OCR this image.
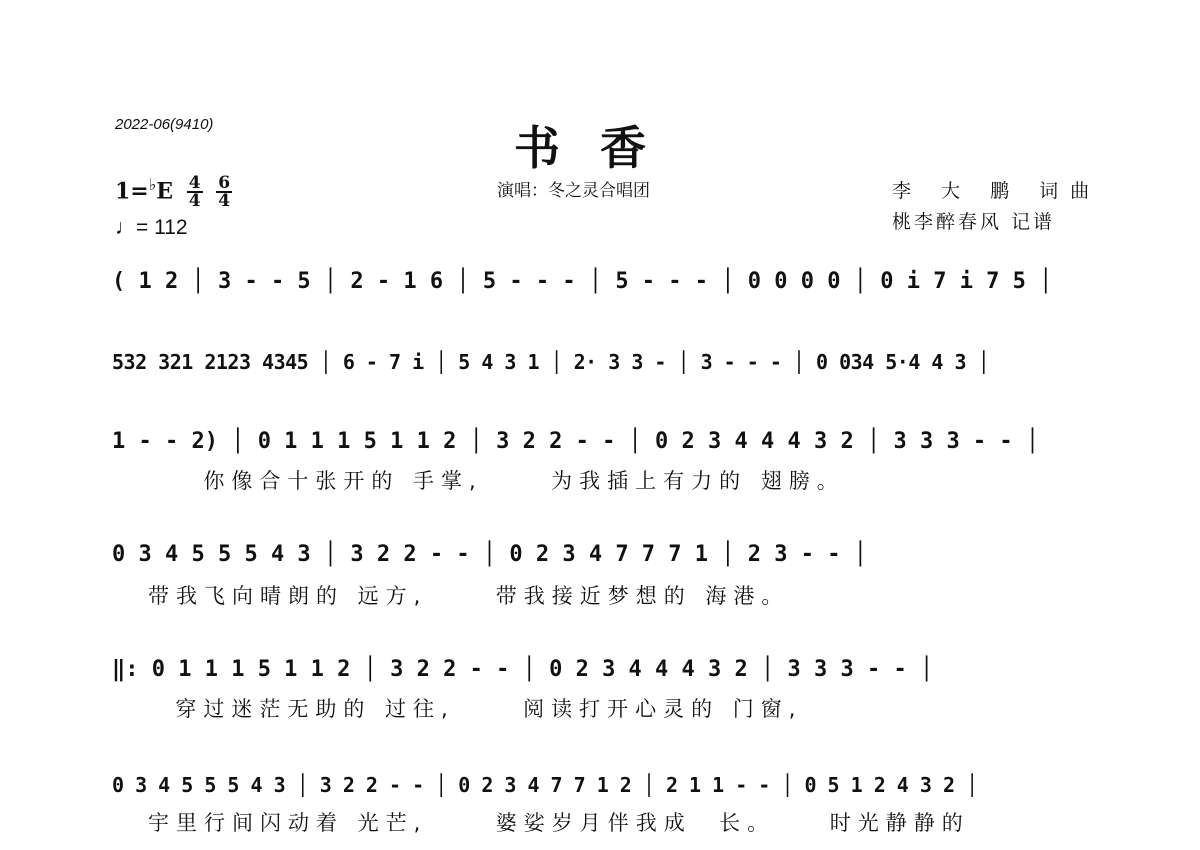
2022-06(9410)	书香
演唱：冬之灵合唱团
$1=^♭E \frac{4}{4}$
$\frac{6}{4}$
♩= 112
李 大 鹏 词曲
桃李醉春风 记谱
( 1 2 │ 3 - - 5 │ 2 - 1 6 │ 5 - - - │ 5 - - - │ 0 0 0 0 │ 0 i 7 i 7 5 │
532 321 2123 4345 │ 6 - 7 i │ 5 4 3 1 │ 2· 3 3 - │ 3 - - - │ 0 034 5·4 4 3 │
1 - - 2) │ 0 1 1 1 5 1 1 2 │ 3 2 2 - - │ 0 2 3 4 4 4 3 2 │ 3 3 3 - - │
你像合十张开的 手掌,     为我插上有力的 翅膀。
0 3 4 5 5 5 4 3 │ 3 2 2 - - │ 0 2 3 4 7 7 7 1 │ 2 3 - - │
带我飞向晴朗的 远方,     带我接近梦想的 海港。
‖: 0 1 1 1 5 1 1 2 │ 3 2 2 - - │ 0 2 3 4 4 4 3 2 │ 3 3 3 - - │
穿过迷茫无助的 过往,     阅读打开心灵的 门窗,
0 3 4 5 5 5 4 3 │ 3 2 2 - - │ 0 2 3 4 7 7 1 2 │ 2 1 1 - - │ 0 5 1 2 4 3 2 │
宇里行间闪动着 光芒,     婆娑岁月伴我成  长。    时光静静的
